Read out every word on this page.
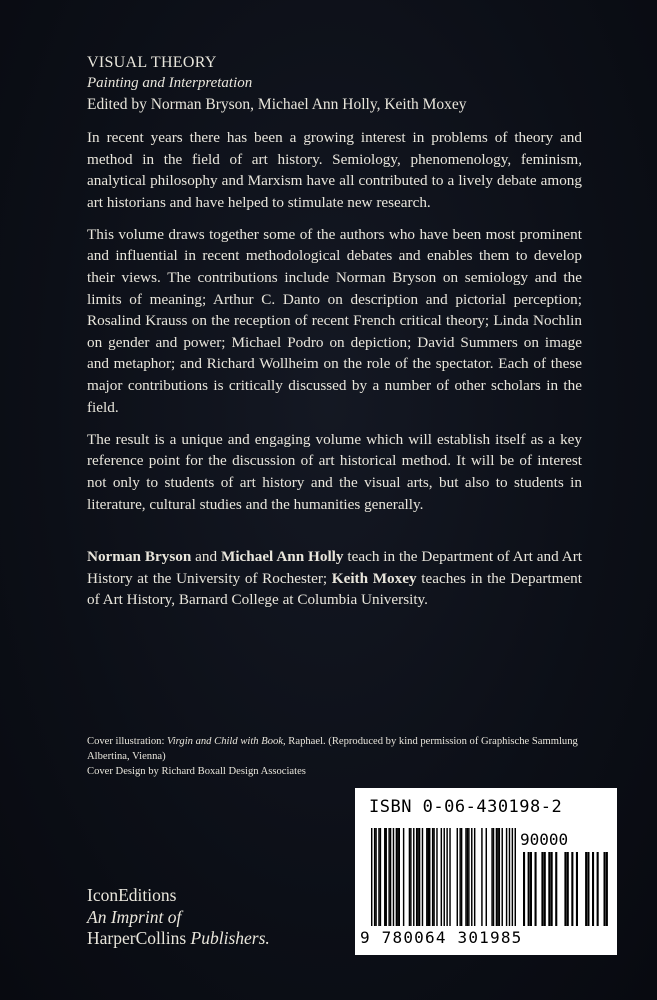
VISUAL THEORY
Painting and Interpretation
Edited by Norman Bryson, Michael Ann Holly, Keith Moxey

In recent years there has been a growing interest in problems of theory and method in the field of art history. Semiology, phenomenology, feminism, analytical philosophy and Marxism have all contributed to a lively debate among art historians and have helped to stimulate new research.

This volume draws together some of the authors who have been most prominent and influential in recent methodological debates and enables them to develop their views. The contributions include Norman Bryson on semiology and the limits of meaning; Arthur C. Danto on description and pictorial perception; Rosalind Krauss on the reception of recent French critical theory; Linda Nochlin on gender and power; Michael Podro on depiction; David Summers on image and metaphor; and Richard Wollheim on the role of the spectator. Each of these major contributions is critically discussed by a number of other scholars in the field.

The result is a unique and engaging volume which will establish itself as a key reference point for the discussion of art historical method. It will be of interest not only to students of art history and the visual arts, but also to students in literature, cultural studies and the humanities generally.

Norman Bryson and Michael Ann Holly teach in the Department of Art and Art History at the University of Rochester; Keith Moxey teaches in the Department of Art History, Barnard College at Columbia University.
Cover illustration: Virgin and Child with Book, Raphael. (Reproduced by kind permission of Graphische Sammlung Albertina, Vienna)
Cover Design by Richard Boxall Design Associates
IconEditions
An Imprint of
HarperCollins Publishers.
ISBN 0-06-430198-2
90000
9 780064 301985
